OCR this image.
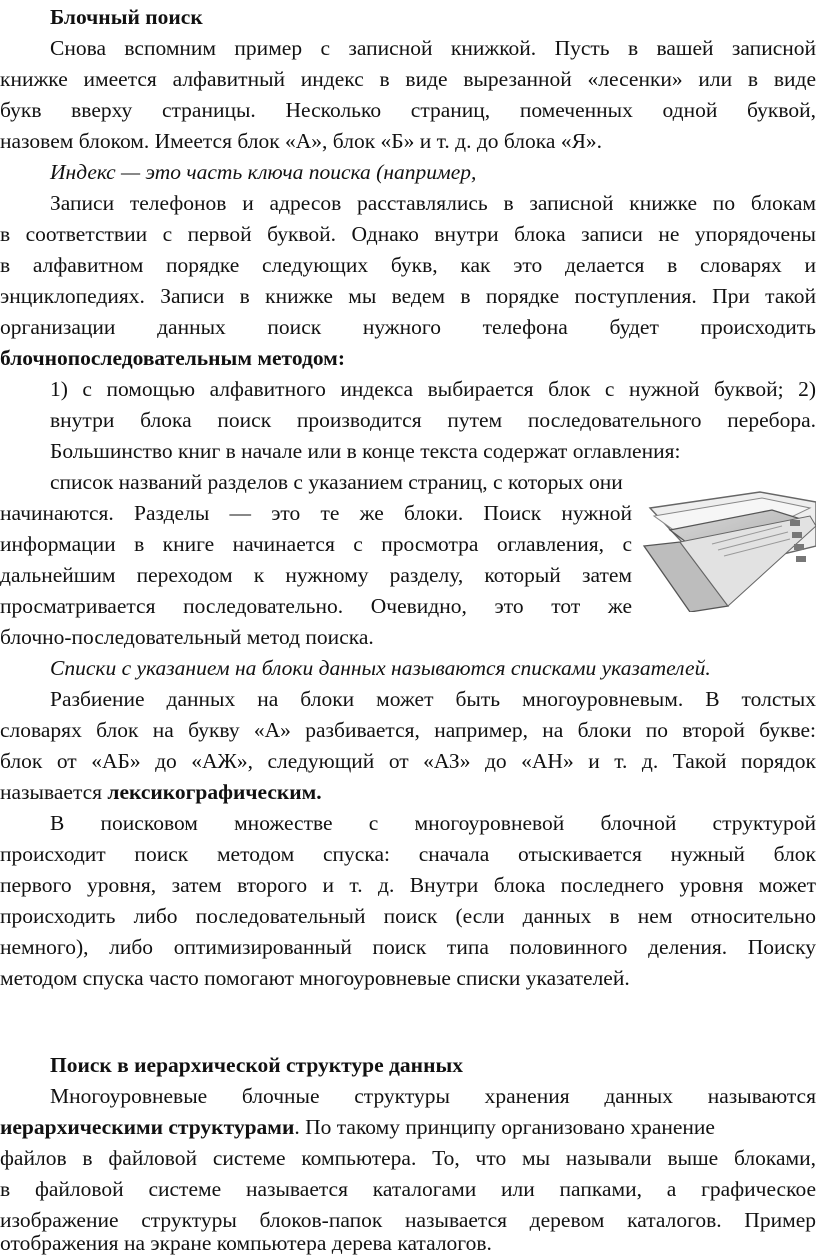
Блочный поиск
Снова вспомним пример с записной книжкой. Пусть в вашей записной
книжке имеется алфавитный индекс в виде вырезанной «лесенки» или в виде
букв вверху страницы. Несколько страниц, помеченных одной буквой,
назовем блоком. Имеется блок «А», блок «Б» и т. д. до блока «Я».
Индекс — это часть ключа поиска (например,
Записи телефонов и адресов расставлялись в записной книжке по блокам
в соответствии с первой буквой. Однако внутри блока записи не упорядочены
в алфавитном порядке следующих букв, как это делается в словарях и
энциклопедиях. Записи в книжке мы ведем в порядке поступления. При такой
организации данных поиск нужного телефона будет происходить
блочнопоследовательным методом:
1) с помощью алфавитного индекса выбирается блок с нужной буквой; 2)
внутри блока поиск производится путем последовательного перебора.
Большинство книг в начале или в конце текста содержат оглавления:
список названий разделов с указанием страниц, с которых они
начинаются. Разделы — это те же блоки. Поиск нужной
информации в книге начинается с просмотра оглавления, с
дальнейшим переходом к нужному разделу, который затем
просматривается последовательно. Очевидно, это тот же
блочно-последовательный метод поиска.
Списки с указанием на блоки данных называются списками указателей.
Разбиение данных на блоки может быть многоуровневым. В толстых
словарях блок на букву «А» разбивается, например, на блоки по второй букве:
блок от «АБ» до «АЖ», следующий от «АЗ» до «АН» и т. д. Такой порядок
называется лексикографическим.
В поисковом множестве с многоуровневой блочной структурой
происходит поиск методом спуска: сначала отыскивается нужный блок
первого уровня, затем второго и т. д. Внутри блока последнего уровня может
происходить либо последовательный поиск (если данных в нем относительно
немного), либо оптимизированный поиск типа половинного деления. Поиску
методом спуска часто помогают многоуровневые списки указателей.
Поиск в иерархической структуре данных
Многоуровневые блочные структуры хранения данных называются
иерархическими структурами. По такому принципу организовано хранение
файлов в файловой системе компьютера. То, что мы называли выше блоками,
в файловой системе называется каталогами или папками, а графическое
изображение структуры блоков-папок называется деревом каталогов. Пример
отображения на экране компьютера дерева каталогов.
